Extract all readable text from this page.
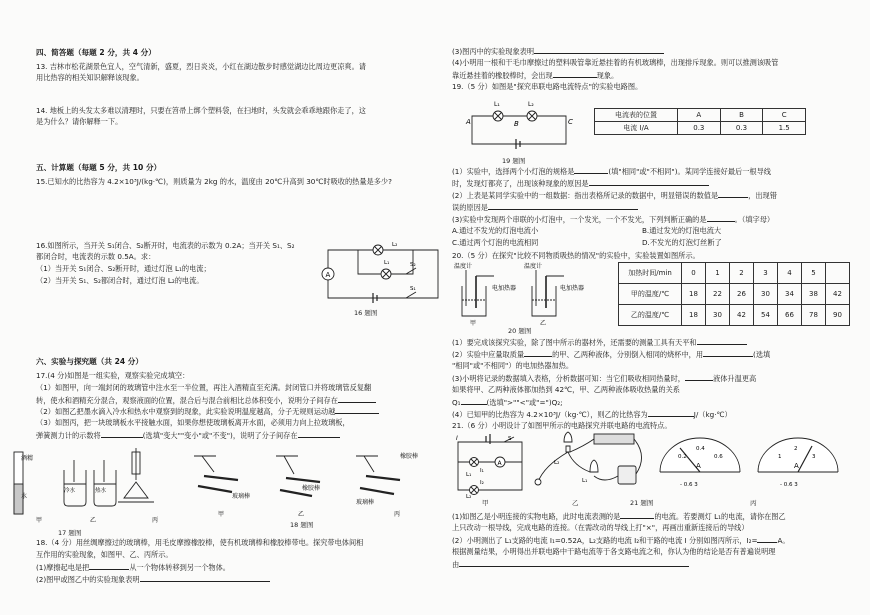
四、简答题（每题 2 分，共 4 分）
13. 吉林市松花湖景色宜人，空气清新，盛夏，烈日炎炎，小红在湖边散步时感觉湖边比周边更凉爽。请
用比热容的相关知识解释该现象。
14. 地板上的头发太多难以清理时，只要在笤帚上绑个塑料袋，在扫地时，头发就会乖乖地跟你走了，这
是为什么？请你解释一下。
五、计算题（每题 5 分，共 10 分）
15.已知水的比热容为 4.2×10³J/(kg·℃)，则质量为 2kg 的水，温度由 20℃升高到 30℃时吸收的热量是多少?
16.如图所示，当开关 S₁闭合、S₂断开时，电流表的示数为 0.2A；当开关 S₁、S₂
都闭合时，电流表的示数 0.5A。求：
（1）当开关 S₁闭合、S₂断开时，通过灯泡 L₁的电流；
（2）当开关 S₁、S₂都闭合时，通过灯泡 L₂的电流。
A
L₁
L₂
S₂
S₁
16 题图
六、实验与探究题（共 24 分）
17.(4 分)如图是一组实验，观察实验完成填空：
（1）如图甲，向一端封闭的玻璃管中注水至一半位置，再注入酒精直至充满。封闭管口并将玻璃管反复翻
转，使水和酒精充分混合，观察液面的位置，混合后与混合前相比总体积变小，说明分子间存在
（2）如图乙把墨水滴入冷水和热水中观察到的现象，此实验说明温度越高，分子无规则运动越
（3）如图丙，把一块玻璃板水平接触水面，如果你想使玻璃板离开水面，必须用力向上拉玻璃板，
弹簧测力计的示数将	(选填"变大""变小"或"不变")，说明了分子间存在
酒精
水
冷水	热水
甲	乙	丙
17 题图
玻璃棒
橡胶棒
玻璃棒
橡胶棒
甲	乙	丙
18 题图
18.（4 分）用丝绸摩擦过的玻璃棒，用毛皮摩擦橡胶棒，使有机玻璃棒和橡胶棒带电。探究带电体间相
互作用的实验现象，如图甲、乙、丙所示。
(1)摩擦起电是把	从一个物体转移到另一个物体。
(2)图甲或图乙中的实验现象表明
(3)图丙中的实验现象表明
(4)小明用一根和干毛巾摩擦过的塑料吸管靠近悬挂着的有机玻璃棒，出现排斥现象。则可以推测该吸管
靠近悬挂着的橡胶棒时，会出现	现象。
19.（5 分）如图是"探究串联电路电流特点"的实验电路图。
L₁	L₂
A	B	C
19 题图
电流表的位置	A	B	C
电流 I/A	0.3	0.3	1.5
(1）实验中，选择两个小灯泡的规格是	(填"相同"或"不相同")。某同学连接好最后一根导线
时，发现灯都亮了，出现该种现象的原因是
(2）上表是某同学实验中的一组数据：指出表格所记录的数据中，明显错误的数值是	，出现错
误的原因是
(3)实验中发现两个串联的小灯泡中，一个发光，一个不发光，下列判断正确的是	。（填字母）
A.通过不发光的灯泡电流小	B.通过发光的灯泡电流大
C.通过两个灯泡的电流相同	D.不发光的灯泡灯丝断了
20.（5 分）在探究"比较不同物质吸热的情况"的实验中，实验装置如图所示。
温度计
电加热器
温度计
电加热器
甲	乙
20 题图
加热时间/min	0	1	2	3	4	5	
甲的温度/℃	18	22	26	30	34	38	42
乙的温度/℃	18	30	42	54	66	78	90
(1）要完成该探究实验，除了图中所示的器材外，还需要的测量工具有天平和
(2）实验中应量取质量	的甲、乙两种液体，分别倒入相同的烧杯中，用	(选填
"相同"或"不相同"）的电加热器加热。
(3)小明将记录的数据填入表格，分析数据可知：当它们吸收相同热量时，	液体升温更高
如果将甲、乙两种液体都加热到 42℃，甲、乙两种液体吸收热量的关系
Q₁	(选填">""<"或"=")Q₂;
(4）已知甲的比热容为 4.2×10³J/（kg·℃），则乙的比热容为	J/（kg·℃）
21.（6 分）小明设计了如图甲所示的电路探究并联电路的电流特点。
A
I
I₁
I₂
L₁
L₂
S
L₂
L₁
0.2
0.4
0.6
A
- 0.6 3
1
2
3
A
- 0.6 3
甲	乙	21 题图	丙
(1)如图乙是小明连接的实物电路，此时电流表测的是	的电流。若要测灯 L₁的电流，请你在图乙
上只改动一根导线，完成电路的连接。（在需改动的导线上打"×"，再画出重新连接后的导线）
(2）小明测出了 L₁支路的电流 I₁=0.52A，L₂支路的电流 I₂和干路的电流 I 分别如图丙所示，I₂=	A。
根据测量结果，小明得出并联电路中干路电流等于各支路电流之和，你认为他的结论是否有普遍说明理
由
